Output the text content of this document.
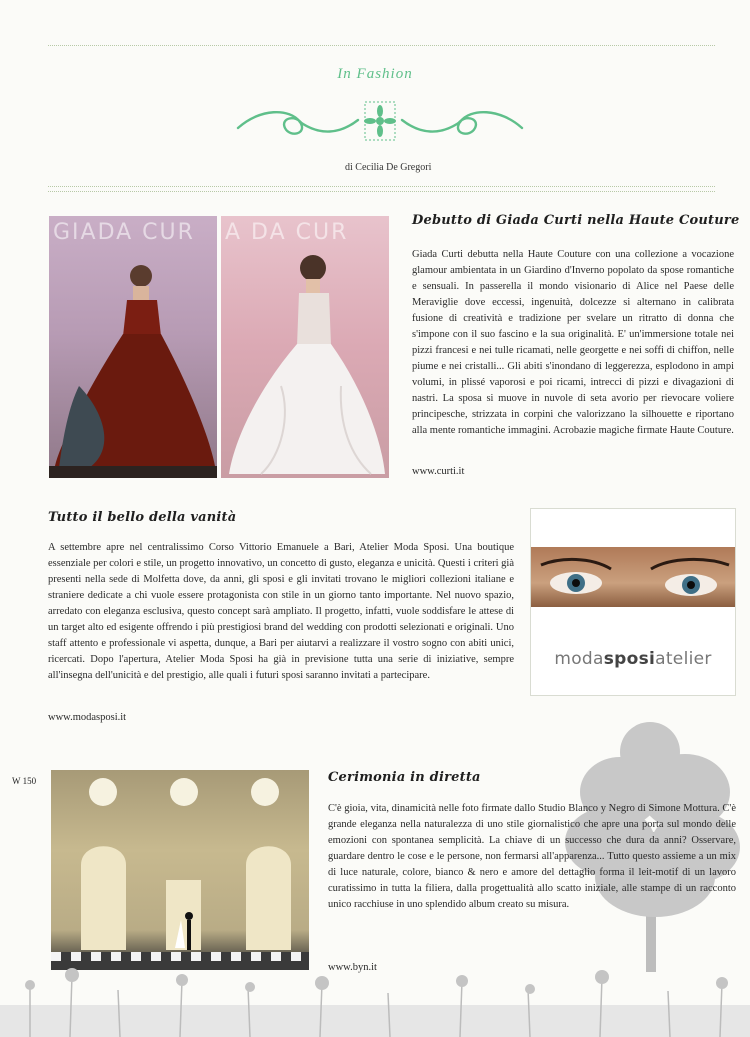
In Fashion
di Cecilia De Gregori
GIADA CUR A DA CUR	Debutto di Giada Curti nella Haute Couture
Giada Curti debutta nella Haute Couture con una collezione a vocazione glamour ambientata in un Giardino d'Inverno popolato da spose romantiche e sensuali. In passerella il mondo visionario di Alice nel Paese delle Meraviglie dove eccessi, ingenuità, dolcezze si alternano in calibrata fusione di creatività e tradizione per svelare un ritratto di donna che s'impone con il suo fascino e la sua originalità. E' un'immersione totale nei pizzi francesi e nei tulle ricamati, nelle georgette e nei soffi di chiffon, nelle piume e nei cristalli... Gli abiti s'inondano di leggerezza, esplodono in ampi volumi, in plissé vaporosi e poi ricami, intrecci di pizzi e divagazioni di nastri. La sposa si muove in nuvole di seta avorio per rievocare voliere principesche, strizzata in corpini che valorizzano la silhouette e riportano alla mente romantiche immagini. Acrobazie magiche firmate Haute Couture.
www.curti.it
Tutto il bello della vanità
A settembre apre nel centralissimo Corso Vittorio Emanuele a Bari, Atelier Moda Sposi. Una boutique essenziale per colori e stile, un progetto innovativo, un concetto di gusto, eleganza e unicità. Questi i criteri già presenti nella sede di Molfetta dove, da anni, gli sposi e gli invitati trovano le migliori collezioni italiane e straniere dedicate a chi vuole essere protagonista con stile in un giorno tanto importante. Nel nuovo spazio, arredato con eleganza esclusiva, questo concept sarà ampliato. Il progetto, infatti, vuole soddisfare le attese di un target alto ed esigente offrendo i più prestigiosi brand del wedding con prodotti selezionati e originali. Uno staff attento e professionale vi aspetta, dunque, a Bari per aiutarvi a realizzare il vostro sogno con abiti unici, ricercati. Dopo l'apertura, Atelier Moda Sposi ha già in previsione tutta una serie di iniziative, sempre all'insegna dell'unicità e del prestigio, alle quali i futuri sposi saranno invitati a partecipare.
www.modasposi.it
modasposiatelier
W 150	Cerimonia in diretta
C'è gioia, vita, dinamicità nelle foto firmate dallo Studio Blanco y Negro di Simone Mottura. C'è grande eleganza nella naturalezza di uno stile giornalistico che apre una porta sul mondo delle emozioni con spontanea semplicità. La chiave di un successo che dura da anni? Osservare, guardare dentro le cose e le persone, non fermarsi all'apparenza... Tutto questo assieme a un mix di luce naturale, colore, bianco & nero e amore del dettaglio forma il leit-motif di un lavoro curatissimo in tutta la filiera, dalla progettualità allo scatto iniziale, alle stampe di un racconto unico racchiuse in uno splendido album creato su misura.
www.byn.it
